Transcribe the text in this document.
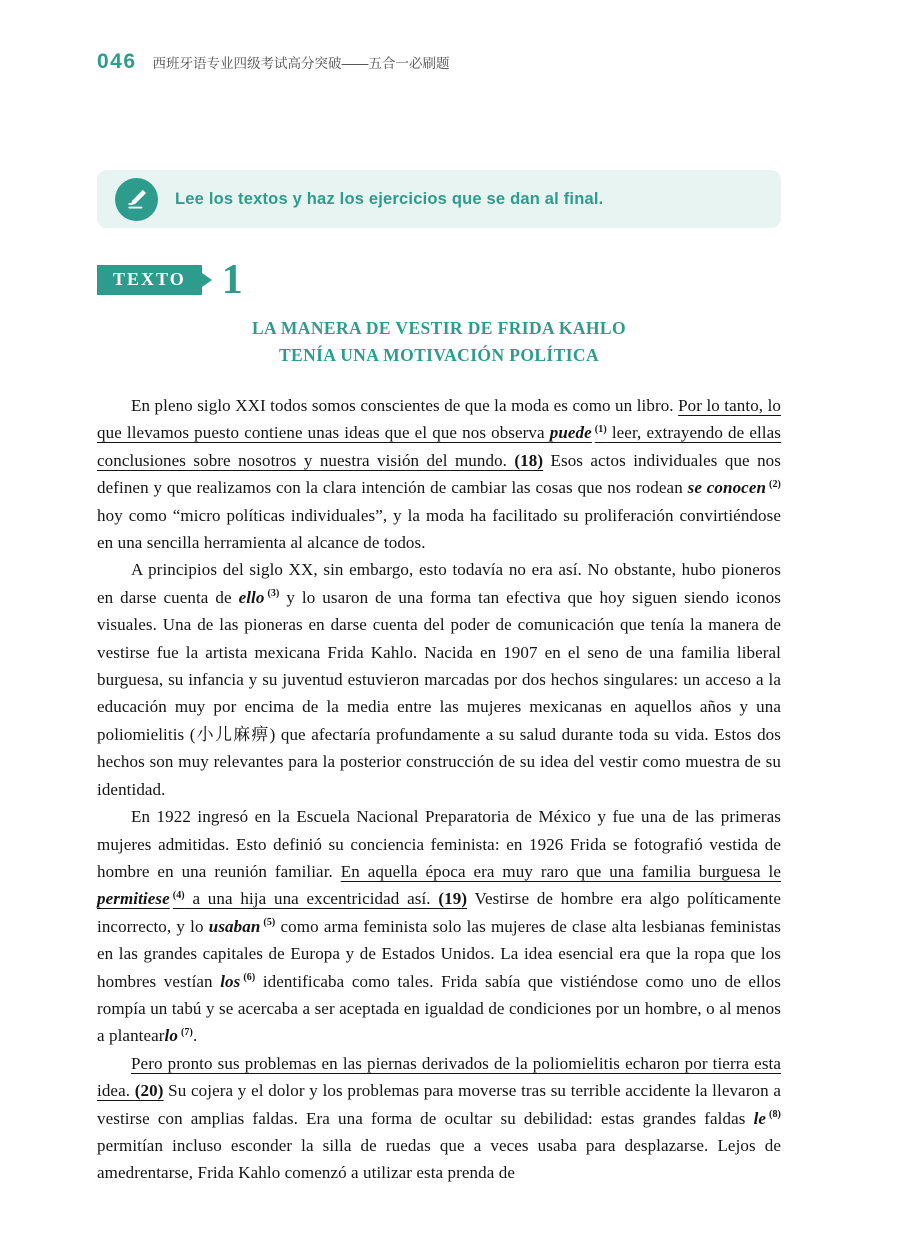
046 西班牙语专业四级考试高分突破——五合一必刷题
Lee los textos y haz los ejercicios que se dan al final.
TEXTO 1
LA MANERA DE VESTIR DE FRIDA KAHLO
TENÍA UNA MOTIVACIÓN POLÍTICA

En pleno siglo XXI todos somos conscientes de que la moda es como un libro. Por lo tanto, lo que llevamos puesto contiene unas ideas que el que nos observa puede $^{(1)}$ leer, extrayendo de ellas conclusiones sobre nosotros y nuestra visión del mundo. (18) Esos actos individuales que nos definen y que realizamos con la clara intención de cambiar las cosas que nos rodean se conocen $^{(2)}$ hoy como “micro políticas individuales”, y la moda ha facilitado su proliferación convirtiéndose en una sencilla herramienta al alcance de todos.

A principios del siglo XX, sin embargo, esto todavía no era así. No obstante, hubo pioneros en darse cuenta de ello $^{(3)}$ y lo usaron de una forma tan efectiva que hoy siguen siendo iconos visuales. Una de las pioneras en darse cuenta del poder de comunicación que tenía la manera de vestirse fue la artista mexicana Frida Kahlo. Nacida en 1907 en el seno de una familia liberal burguesa, su infancia y su juventud estuvieron marcadas por dos hechos singulares: un acceso a la educación muy por encima de la media entre las mujeres mexicanas en aquellos años y una poliomielitis (小儿麻痹) que afectaría profundamente a su salud durante toda su vida. Estos dos hechos son muy relevantes para la posterior construcción de su idea del vestir como muestra de su identidad.

En 1922 ingresó en la Escuela Nacional Preparatoria de México y fue una de las primeras mujeres admitidas. Esto definió su conciencia feminista: en 1926 Frida se fotografió vestida de hombre en una reunión familiar. En aquella época era muy raro que una familia burguesa le permitiese $^{(4)}$ a una hija una excentricidad así. (19) Vestirse de hombre era algo políticamente incorrecto, y lo usaban $^{(5)}$ como arma feminista solo las mujeres de clase alta lesbianas feministas en las grandes capitales de Europa y de Estados Unidos. La idea esencial era que la ropa que los hombres vestían los $^{(6)}$ identificaba como tales. Frida sabía que vistiéndose como uno de ellos rompía un tabú y se acercaba a ser aceptada en igualdad de condiciones por un hombre, o al menos a plantearlo $^{(7)}$.

Pero pronto sus problemas en las piernas derivados de la poliomielitis echaron por tierra esta idea. (20) Su cojera y el dolor y los problemas para moverse tras su terrible accidente la llevaron a vestirse con amplias faldas. Era una forma de ocultar su debilidad: estas grandes faldas le $^{(8)}$ permitían incluso esconder la silla de ruedas que a veces usaba para desplazarse. Lejos de amedrentarse, Frida Kahlo comenzó a utilizar esta prenda de
